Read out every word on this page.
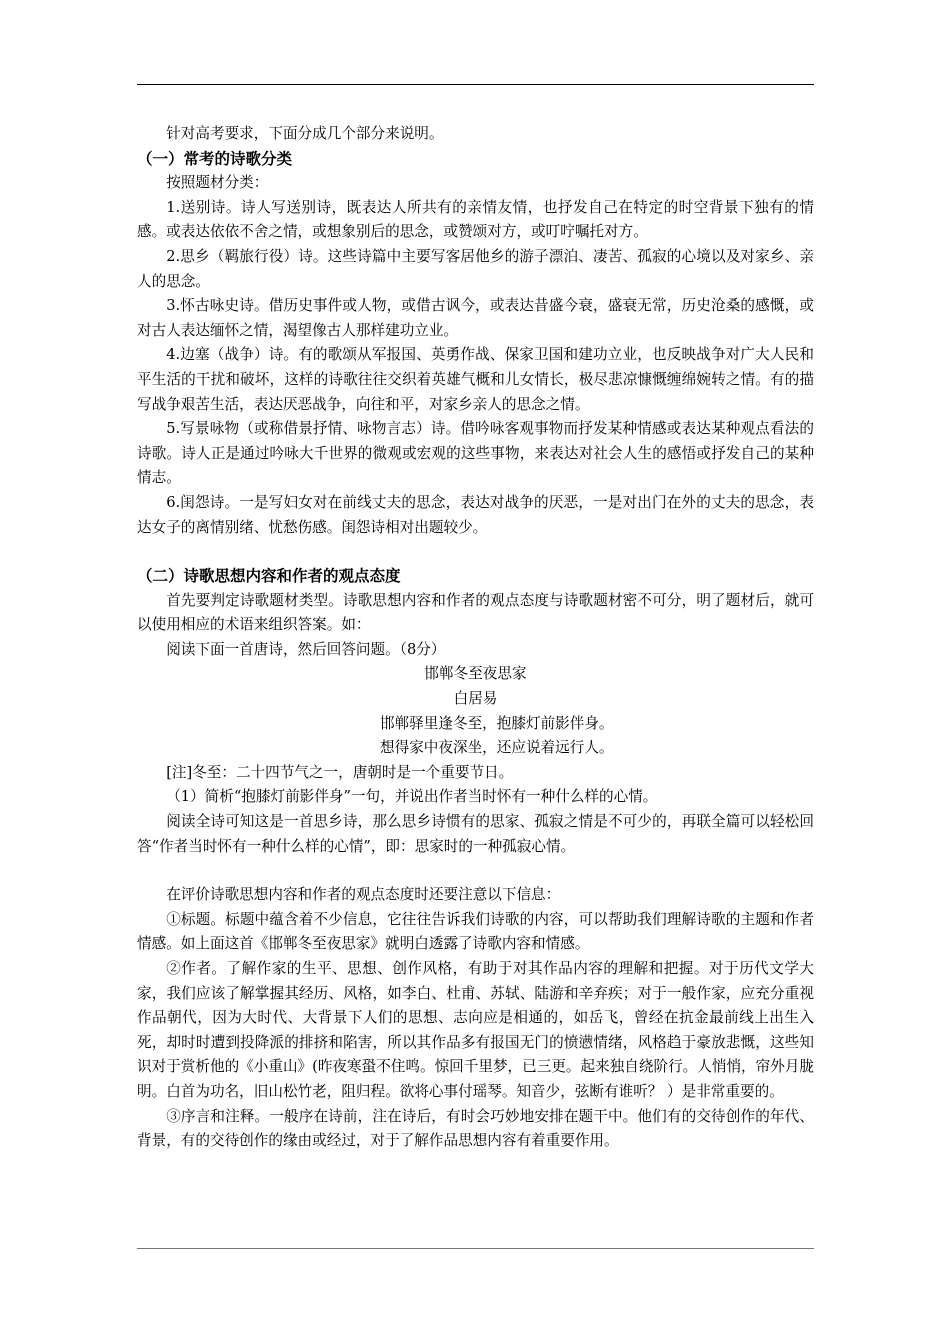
针对高考要求，下面分成几个部分来说明。

（一）常考的诗歌分类

按照题材分类：

1.送别诗。诗人写送别诗，既表达人所共有的亲情友情，也抒发自己在特定的时空背景下独有的情感。或表达依依不舍之情，或想象别后的思念，或赞颂对方，或叮咛嘱托对方。

2.思乡（羁旅行役）诗。这些诗篇中主要写客居他乡的游子漂泊、凄苦、孤寂的心境以及对家乡、亲人的思念。

3.怀古咏史诗。借历史事件或人物，或借古讽今，或表达昔盛今衰，盛衰无常，历史沧桑的感慨，或对古人表达缅怀之情，渴望像古人那样建功立业。

4.边塞（战争）诗。有的歌颂从军报国、英勇作战、保家卫国和建功立业，也反映战争对广大人民和平生活的干扰和破坏，这样的诗歌往往交织着英雄气概和儿女情长，极尽悲凉慷慨缠绵婉转之情。有的描写战争艰苦生活，表达厌恶战争，向往和平，对家乡亲人的思念之情。

5.写景咏物（或称借景抒情、咏物言志）诗。借吟咏客观事物而抒发某种情感或表达某种观点看法的诗歌。诗人正是通过吟咏大千世界的微观或宏观的这些事物，来表达对社会人生的感悟或抒发自己的某种情志。

6.闺怨诗。一是写妇女对在前线丈夫的思念，表达对战争的厌恶，一是对出门在外的丈夫的思念，表达女子的离情别绪、忧愁伤感。闺怨诗相对出题较少。

（二）诗歌思想内容和作者的观点态度

首先要判定诗歌题材类型。诗歌思想内容和作者的观点态度与诗歌题材密不可分，明了题材后，就可以使用相应的术语来组织答案。如：

阅读下面一首唐诗，然后回答问题。（8分）

邯郸冬至夜思家

白居易

邯郸驿里逢冬至，抱膝灯前影伴身。

想得家中夜深坐，还应说着远行人。

[注]冬至：二十四节气之一，唐朝时是一个重要节日。

（1）简析“抱膝灯前影伴身”一句，并说出作者当时怀有一种什么样的心情。

阅读全诗可知这是一首思乡诗，那么思乡诗惯有的思家、孤寂之情是不可少的，再联全篇可以轻松回答“作者当时怀有一种什么样的心情”，即：思家时的一种孤寂心情。

在评价诗歌思想内容和作者的观点态度时还要注意以下信息：

①标题。标题中蕴含着不少信息，它往往告诉我们诗歌的内容，可以帮助我们理解诗歌的主题和作者情感。如上面这首《邯郸冬至夜思家》就明白透露了诗歌内容和情感。

②作者。了解作家的生平、思想、创作风格，有助于对其作品内容的理解和把握。对于历代文学大家，我们应该了解掌握其经历、风格，如李白、杜甫、苏轼、陆游和辛弃疾；对于一般作家，应充分重视作品朝代，因为大时代、大背景下人们的思想、志向应是相通的，如岳飞，曾经在抗金最前线上出生入死，却时时遭到投降派的排挤和陷害，所以其作品多有报国无门的愤懑情绪，风格趋于豪放悲慨，这些知识对于赏析他的《小重山》(昨夜寒蛩不住鸣。惊回千里梦，已三更。起来独自绕阶行。人悄悄，帘外月胧明。白首为功名，旧山松竹老，阻归程。欲将心事付瑶琴。知音少，弦断有谁听？ ）是非常重要的。

③序言和注释。一般序在诗前，注在诗后，有时会巧妙地安排在题干中。他们有的交待创作的年代、背景，有的交待创作的缘由或经过，对于了解作品思想内容有着重要作用。
